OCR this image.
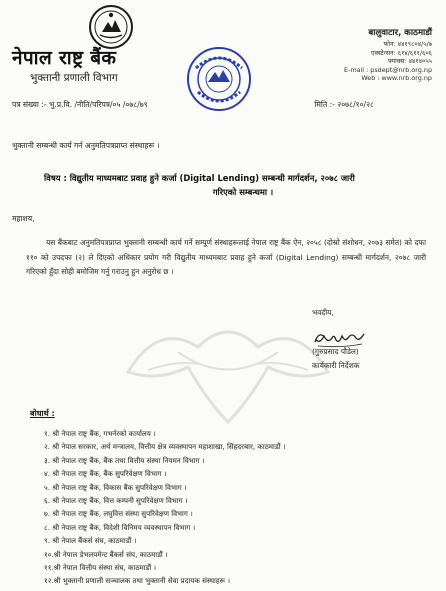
नेपाल राष्ट्र बैंक
भुक्तानी प्रणाली विभाग
बालुवाटार, काठमाडौं
फोन: ४४१९८०४/५/७
एक्स्टेन्सन: ६१४/६११/६०६
फ्याक्स: ४४१४०५५
E-mail : psdept@nrb.org.np
Web : www.nrb.org.np
पत्र संख्या :- भु.प्र.वि. /नीति/परिपत्र/०५ /०७८/७९	मिति :- २०७८/१०/२८
भुक्तानी सम्बन्धी कार्य गर्न अनुमतिपत्रप्राप्त संस्थाहरू ।
विषय : विद्युतीय माध्यमबाट प्रवाह हुने कर्जा (Digital Lending) सम्बन्धी मार्गदर्शन, २०७८ जारी
गरिएको सम्बन्धमा ।
महाशय,
यस बैंकबाट अनुमतिपत्रप्राप्त भुक्तानी सम्बन्धी कार्य गर्ने सम्पूर्ण संस्थाहरूलाई नेपाल राष्ट्र बैंक ऐन, २०५८ (दोस्रो संशोधन, २०७३ समेत) को दफा ११० को उपदफा (२) ले दिएको अधिकार प्रयोग गरी विद्युतीय माध्यमबाट प्रवाह हुने कर्जा (Digital Lending) सम्बन्धी मार्गदर्शन, २०७८ जारी गरिएको हुँदा सोही बमोजिम गर्नु गराउनु हुन अनुरोध छ ।
भवदीय,
(गुरुप्रसाद पौडेल)
कार्यकारी निर्देशक
बोधार्थ :
१. श्री नेपाल राष्ट्र बैंक, गभर्नरको कार्यालय ।
२. श्री नेपाल सरकार, अर्थ मन्त्रालय, वित्तीय क्षेत्र व्यवस्थापन महाशाखा, सिंहदरबार, काठमाडौं ।
३. श्री नेपाल राष्ट्र बैंक, बैंक तथा वित्तीय संस्था नियमन विभाग ।
४. श्री नेपाल राष्ट्र बैंक, बैंक सुपरिवेक्षण विभाग ।
५. श्री नेपाल राष्ट्र बैंक, विकास बैंक सुपरिवेक्षण विभाग ।
६. श्री नेपाल राष्ट्र बैंक, वित्त कम्पनी सुपरिवेक्षण विभाग ।
७. श्री नेपाल राष्ट्र बैंक, लघुवित्त संस्था सुपरिवेक्षण विभाग ।
८. श्री नेपाल राष्ट्र बैंक, विदेशी विनिमय व्यवस्थापन विभाग ।
९. श्री नेपाल बैंकर्स संघ, काठमाडौं ।
१०.श्री नेपाल डेभलपमेन्ट बैंकर्स संघ, काठमाडौं ।
११.श्री नेपाल वित्तीय संस्था संघ, काठमाडौं ।
१२.श्री भुक्तानी प्रणाली सञ्चालक तथा भुक्तानी सेवा प्रदायक संस्थाहरू ।
